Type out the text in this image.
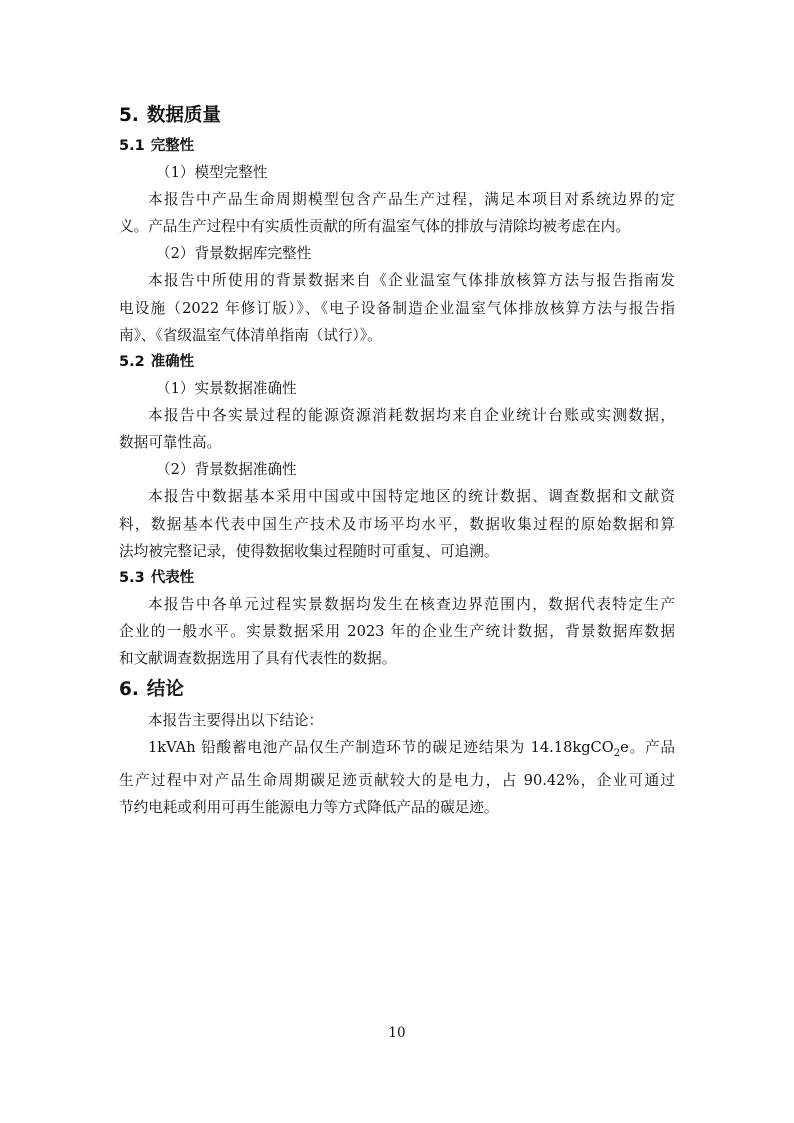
5. 数据质量
5.1 完整性

（1）模型完整性

本报告中产品生命周期模型包含产品生产过程，满足本项目对系统边界的定
义。产品生产过程中有实质性贡献的所有温室气体的排放与清除均被考虑在内。

（2）背景数据库完整性

本报告中所使用的背景数据来自《企业温室气体排放核算方法与报告指南发
电设施（2022 年修订版）》、《电子设备制造企业温室气体排放核算方法与报告指
南》、《省级温室气体清单指南（试行）》。

5.2 准确性

（1）实景数据准确性

本报告中各实景过程的能源资源消耗数据均来自企业统计台账或实测数据，
数据可靠性高。

（2）背景数据准确性

本报告中数据基本采用中国或中国特定地区的统计数据、调查数据和文献资
料，数据基本代表中国生产技术及市场平均水平，数据收集过程的原始数据和算
法均被完整记录，使得数据收集过程随时可重复、可追溯。

5.3 代表性

本报告中各单元过程实景数据均发生在核查边界范围内，数据代表特定生产
企业的一般水平。实景数据采用 2023 年的企业生产统计数据，背景数据库数据
和文献调查数据选用了具有代表性的数据。

6. 结论

本报告主要得出以下结论：

1kVAh 铅酸蓄电池产品仅生产制造环节的碳足迹结果为 14.18kgCO$_2$e。产品
生产过程中对产品生命周期碳足迹贡献较大的是电力，占 90.42%，企业可通过
节约电耗或利用可再生能源电力等方式降低产品的碳足迹。

10
